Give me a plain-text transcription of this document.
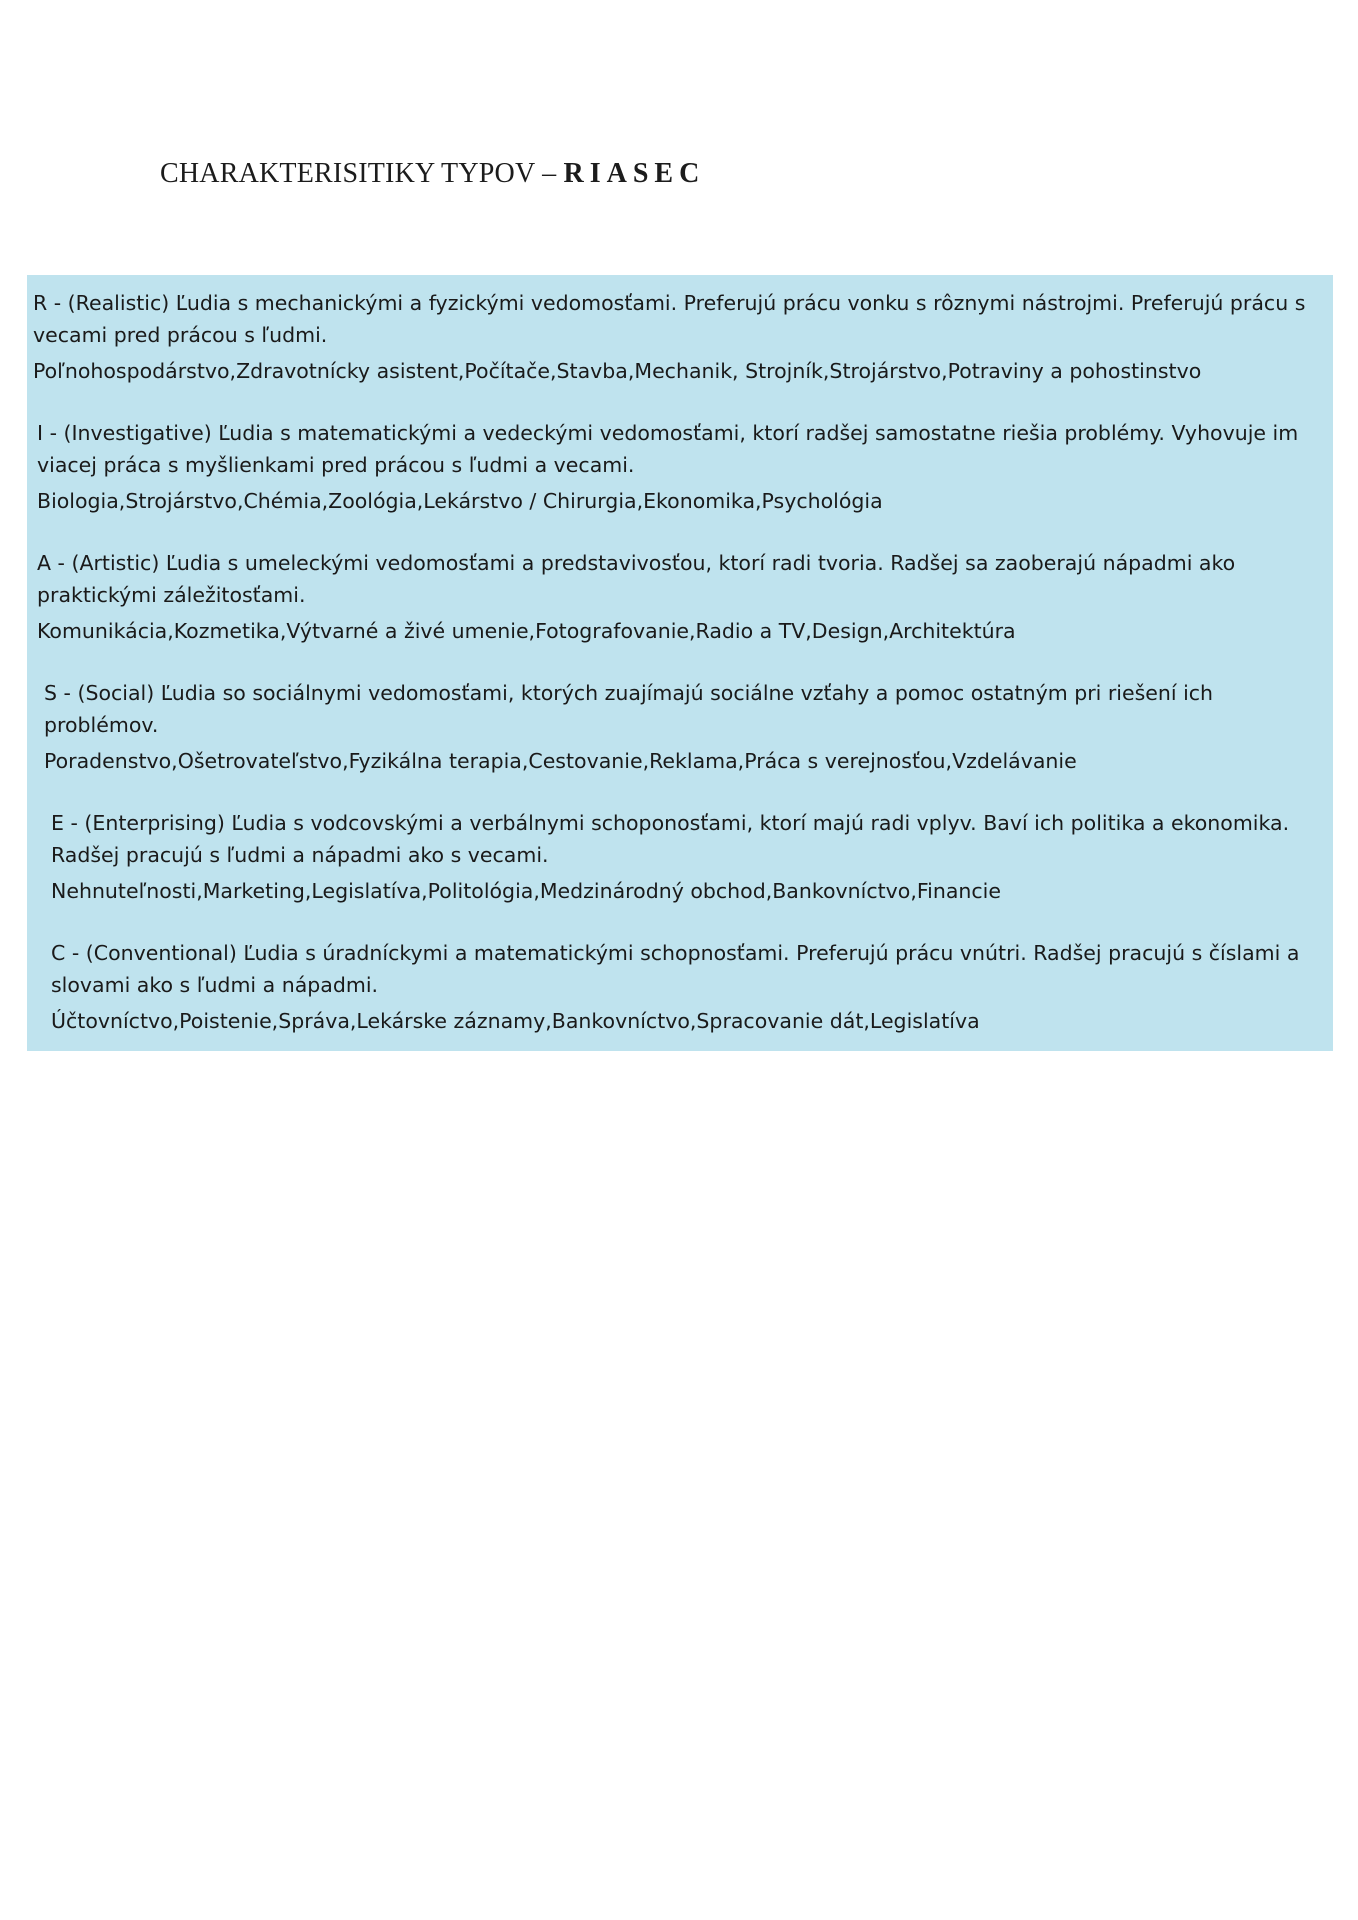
CHARAKTERISITIKY TYPOV – RIASEC

R - (Realistic) Ľudia s mechanickými a fyzickými vedomosťami. Preferujú prácu vonku s rôznymi nástrojmi. Preferujú prácu s vecami pred prácou s ľudmi.

Poľnohospodárstvo,Zdravotnícky asistent,Počítače,Stavba,Mechanik, Strojník,Strojárstvo,Potraviny a pohostinstvo

I - (Investigative) Ľudia s matematickými a vedeckými vedomosťami, ktorí radšej samostatne riešia problémy. Vyhovuje im viacej práca s myšlienkami pred prácou s ľudmi a vecami.

Biologia,Strojárstvo,Chémia,Zoológia,Lekárstvo / Chirurgia,Ekonomika,Psychológia

A - (Artistic) Ľudia s umeleckými vedomosťami a predstavivosťou, ktorí radi tvoria. Radšej sa zaoberajú nápadmi ako praktickými záležitosťami.

Komunikácia,Kozmetika,Výtvarné a živé umenie,Fotografovanie,Radio a TV,Design,Architektúra

S - (Social) Ľudia so sociálnymi vedomosťami, ktorých zuajímajú sociálne vzťahy a pomoc ostatným pri riešení ich problémov.

Poradenstvo,Ošetrovateľstvo,Fyzikálna terapia,Cestovanie,Reklama,Práca s verejnosťou,Vzdelávanie

E - (Enterprising) Ľudia s vodcovskými a verbálnymi schoponosťami, ktorí majú radi vplyv. Baví ich politika a ekonomika. Radšej pracujú s ľudmi a nápadmi ako s vecami.

Nehnuteľnosti,Marketing,Legislatíva,Politológia,Medzinárodný obchod,Bankovníctvo,Financie

C - (Conventional) Ľudia s úradníckymi a matematickými schopnosťami. Preferujú prácu vnútri. Radšej pracujú s číslami a slovami ako s ľudmi a nápadmi.

Účtovníctvo,Poistenie,Správa,Lekárske záznamy,Bankovníctvo,Spracovanie dát,Legislatíva
